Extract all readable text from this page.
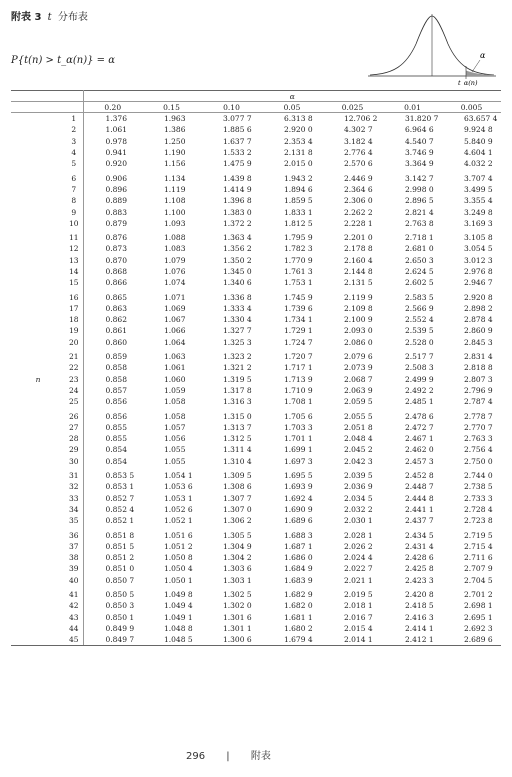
附表 3 t 分布表
P{t(n) > t_α(n)} = α	α
t_α(n)
		α						
		0.20	0.15	0.10	0.05	0.025	0.01	0.005
	1	1.376	1.963	3.077 7	6.313 8	12.706 2	31.820 7	63.657 4
	2	1.061	1.386	1.885 6	2.920 0	4.302 7	6.964 6	9.924 8
	3	0.978	1.250	1.637 7	2.353 4	3.182 4	4.540 7	5.840 9
	4	0.941	1.190	1.533 2	2.131 8	2.776 4	3.746 9	4.604 1
	5	0.920	1.156	1.475 9	2.015 0	2.570 6	3.364 9	4.032 2
	6	0.906	1.134	1.439 8	1.943 2	2.446 9	3.142 7	3.707 4
	7	0.896	1.119	1.414 9	1.894 6	2.364 6	2.998 0	3.499 5
	8	0.889	1.108	1.396 8	1.859 5	2.306 0	2.896 5	3.355 4
	9	0.883	1.100	1.383 0	1.833 1	2.262 2	2.821 4	3.249 8
	10	0.879	1.093	1.372 2	1.812 5	2.228 1	2.763 8	3.169 3
	11	0.876	1.088	1.363 4	1.795 9	2.201 0	2.718 1	3.105 8
	12	0.873	1.083	1.356 2	1.782 3	2.178 8	2.681 0	3.054 5
	13	0.870	1.079	1.350 2	1.770 9	2.160 4	2.650 3	3.012 3
	14	0.868	1.076	1.345 0	1.761 3	2.144 8	2.624 5	2.976 8
	15	0.866	1.074	1.340 6	1.753 1	2.131 5	2.602 5	2.946 7
	16	0.865	1.071	1.336 8	1.745 9	2.119 9	2.583 5	2.920 8
	17	0.863	1.069	1.333 4	1.739 6	2.109 8	2.566 9	2.898 2
	18	0.862	1.067	1.330 4	1.734 1	2.100 9	2.552 4	2.878 4
	19	0.861	1.066	1.327 7	1.729 1	2.093 0	2.539 5	2.860 9
	20	0.860	1.064	1.325 3	1.724 7	2.086 0	2.528 0	2.845 3
	21	0.859	1.063	1.323 2	1.720 7	2.079 6	2.517 7	2.831 4
	22	0.858	1.061	1.321 2	1.717 1	2.073 9	2.508 3	2.818 8
n	23	0.858	1.060	1.319 5	1.713 9	2.068 7	2.499 9	2.807 3
	24	0.857	1.059	1.317 8	1.710 9	2.063 9	2.492 2	2.796 9
	25	0.856	1.058	1.316 3	1.708 1	2.059 5	2.485 1	2.787 4
	26	0.856	1.058	1.315 0	1.705 6	2.055 5	2.478 6	2.778 7
	27	0.855	1.057	1.313 7	1.703 3	2.051 8	2.472 7	2.770 7
	28	0.855	1.056	1.312 5	1.701 1	2.048 4	2.467 1	2.763 3
	29	0.854	1.055	1.311 4	1.699 1	2.045 2	2.462 0	2.756 4
	30	0.854	1.055	1.310 4	1.697 3	2.042 3	2.457 3	2.750 0
	31	0.853 5	1.054 1	1.309 5	1.695 5	2.039 5	2.452 8	2.744 0
	32	0.853 1	1.053 6	1.308 6	1.693 9	2.036 9	2.448 7	2.738 5
	33	0.852 7	1.053 1	1.307 7	1.692 4	2.034 5	2.444 8	2.733 3
	34	0.852 4	1.052 6	1.307 0	1.690 9	2.032 2	2.441 1	2.728 4
	35	0.852 1	1.052 1	1.306 2	1.689 6	2.030 1	2.437 7	2.723 8
	36	0.851 8	1.051 6	1.305 5	1.688 3	2.028 1	2.434 5	2.719 5
	37	0.851 5	1.051 2	1.304 9	1.687 1	2.026 2	2.431 4	2.715 4
	38	0.851 2	1.050 8	1.304 2	1.686 0	2.024 4	2.428 6	2.711 6
	39	0.851 0	1.050 4	1.303 6	1.684 9	2.022 7	2.425 8	2.707 9
	40	0.850 7	1.050 1	1.303 1	1.683 9	2.021 1	2.423 3	2.704 5
	41	0.850 5	1.049 8	1.302 5	1.682 9	2.019 5	2.420 8	2.701 2
	42	0.850 3	1.049 4	1.302 0	1.682 0	2.018 1	2.418 5	2.698 1
	43	0.850 1	1.049 1	1.301 6	1.681 1	2.016 7	2.416 3	2.695 1
	44	0.849 9	1.048 8	1.301 1	1.680 2	2.015 4	2.414 1	2.692 3
	45	0.849 7	1.048 5	1.300 6	1.679 4	2.014 1	2.412 1	2.689 6
296 | 附表
